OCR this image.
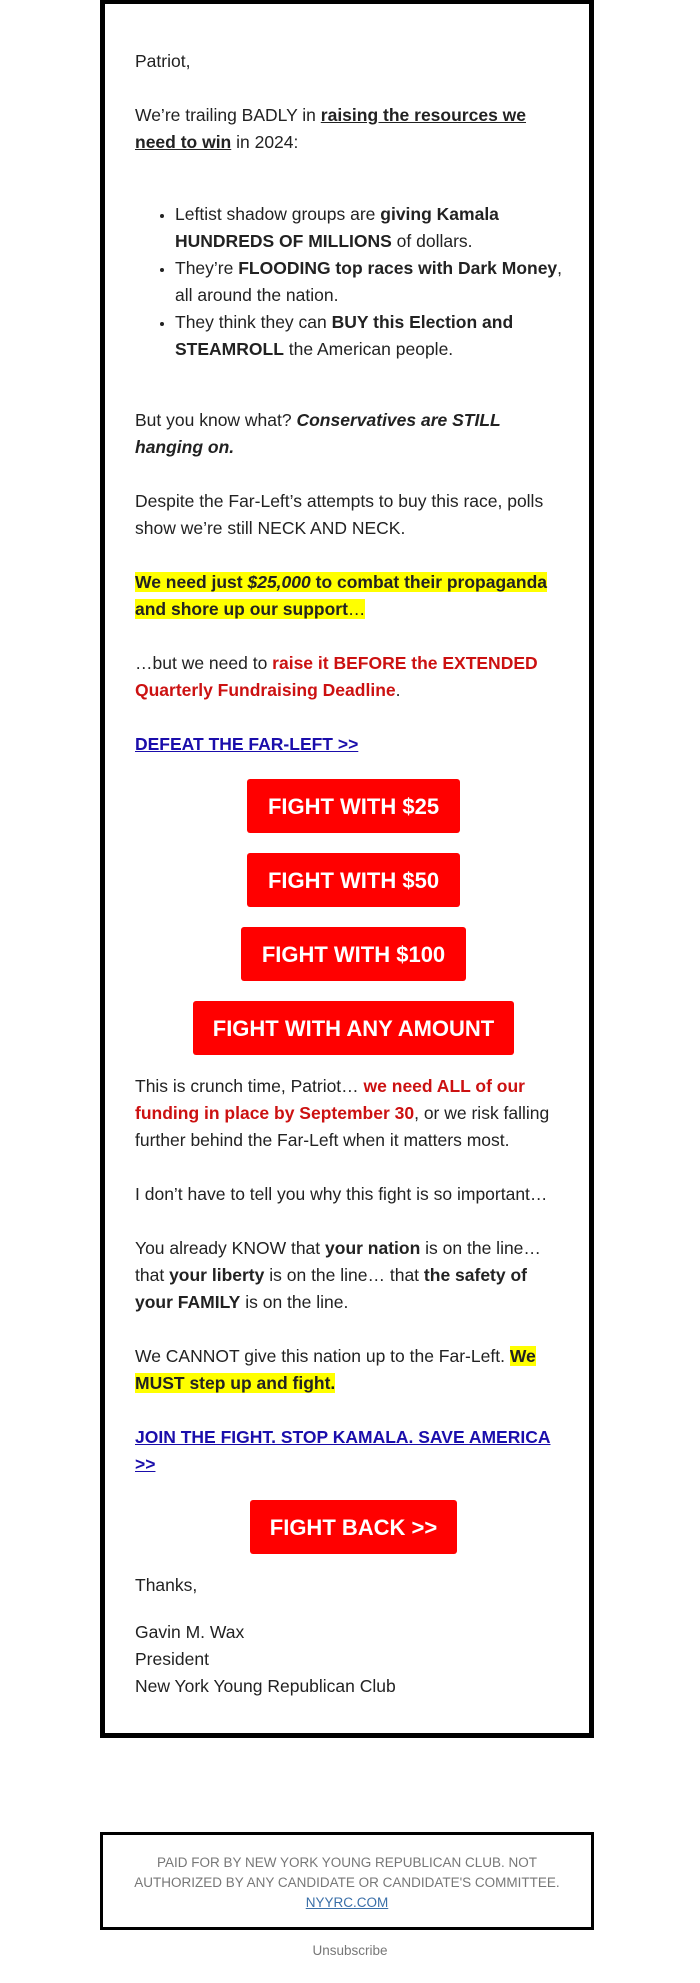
Patriot,

We’re trailing BADLY in raising the resources we need to win in 2024:

• Leftist shadow groups are giving Kamala HUNDREDS OF MILLIONS of dollars.
• They’re FLOODING top races with Dark Money, all around the nation.
• They think they can BUY this Election and STEAMROLL the American people.

But you know what? Conservatives are STILL hanging on.

Despite the Far-Left’s attempts to buy this race, polls show we’re still NECK AND NECK.

We need just $25,000 to combat their propaganda and shore up our support…

…but we need to raise it BEFORE the EXTENDED Quarterly Fundraising Deadline.

DEFEAT THE FAR-LEFT >>

FIGHT WITH $25
FIGHT WITH $50
FIGHT WITH $100
FIGHT WITH ANY AMOUNT

This is crunch time, Patriot… we need ALL of our funding in place by September 30, or we risk falling further behind the Far-Left when it matters most.

I don’t have to tell you why this fight is so important…

You already KNOW that your nation is on the line… that your liberty is on the line… that the safety of your FAMILY is on the line.

We CANNOT give this nation up to the Far-Left. We MUST step up and fight.

JOIN THE FIGHT. STOP KAMALA. SAVE AMERICA >>

FIGHT BACK >>

Thanks,

Gavin M. Wax
President
New York Young Republican Club
PAID FOR BY NEW YORK YOUNG REPUBLICAN CLUB. NOT AUTHORIZED BY ANY CANDIDATE OR CANDIDATE'S COMMITTEE.
NYYRC.COM
Unsubscribe
